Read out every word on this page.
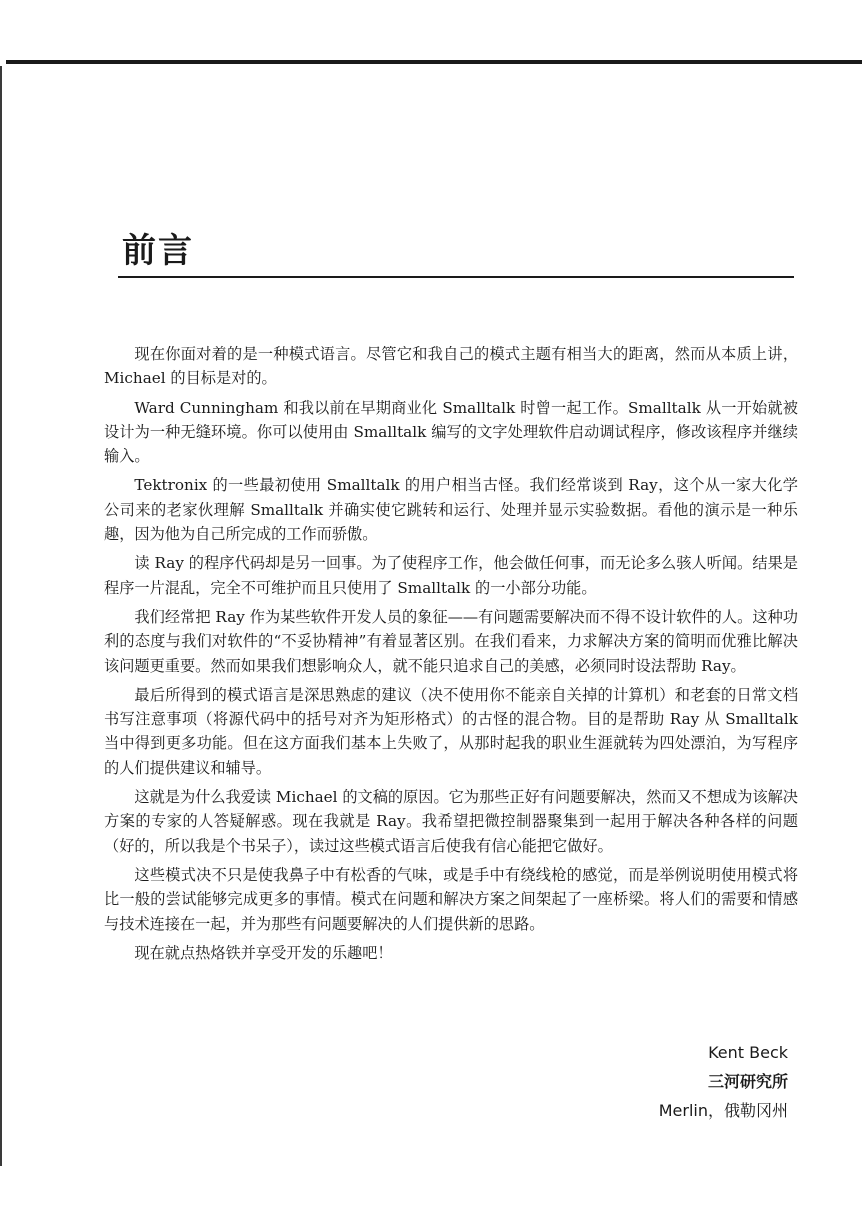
前言

现在你面对着的是一种模式语言。尽管它和我自己的模式主题有相当大的距离，然而从本质上讲，Michael 的目标是对的。

Ward Cunningham 和我以前在早期商业化 Smalltalk 时曾一起工作。Smalltalk 从一开始就被设计为一种无缝环境。你可以使用由 Smalltalk 编写的文字处理软件启动调试程序，修改该程序并继续输入。

Tektronix 的一些最初使用 Smalltalk 的用户相当古怪。我们经常谈到 Ray，这个从一家大化学公司来的老家伙理解 Smalltalk 并确实使它跳转和运行、处理并显示实验数据。看他的演示是一种乐趣，因为他为自己所完成的工作而骄傲。

读 Ray 的程序代码却是另一回事。为了使程序工作，他会做任何事，而无论多么骇人听闻。结果是程序一片混乱，完全不可维护而且只使用了 Smalltalk 的一小部分功能。

我们经常把 Ray 作为某些软件开发人员的象征——有问题需要解决而不得不设计软件的人。这种功利的态度与我们对软件的“不妥协精神”有着显著区别。在我们看来，力求解决方案的简明而优雅比解决该问题更重要。然而如果我们想影响众人，就不能只追求自己的美感，必须同时设法帮助 Ray。

最后所得到的模式语言是深思熟虑的建议（决不使用你不能亲自关掉的计算机）和老套的日常文档书写注意事项（将源代码中的括号对齐为矩形格式）的古怪的混合物。目的是帮助 Ray 从 Smalltalk 当中得到更多功能。但在这方面我们基本上失败了，从那时起我的职业生涯就转为四处漂泊，为写程序的人们提供建议和辅导。

这就是为什么我爱读 Michael 的文稿的原因。它为那些正好有问题要解决，然而又不想成为该解决方案的专家的人答疑解惑。现在我就是 Ray。我希望把微控制器聚集到一起用于解决各种各样的问题（好的，所以我是个书呆子），读过这些模式语言后使我有信心能把它做好。

这些模式决不只是使我鼻子中有松香的气味，或是手中有绕线枪的感觉，而是举例说明使用模式将比一般的尝试能够完成更多的事情。模式在问题和解决方案之间架起了一座桥梁。将人们的需要和情感与技术连接在一起，并为那些有问题要解决的人们提供新的思路。

现在就点热烙铁并享受开发的乐趣吧！

Kent Beck
三河研究所
Merlin，俄勒冈州
